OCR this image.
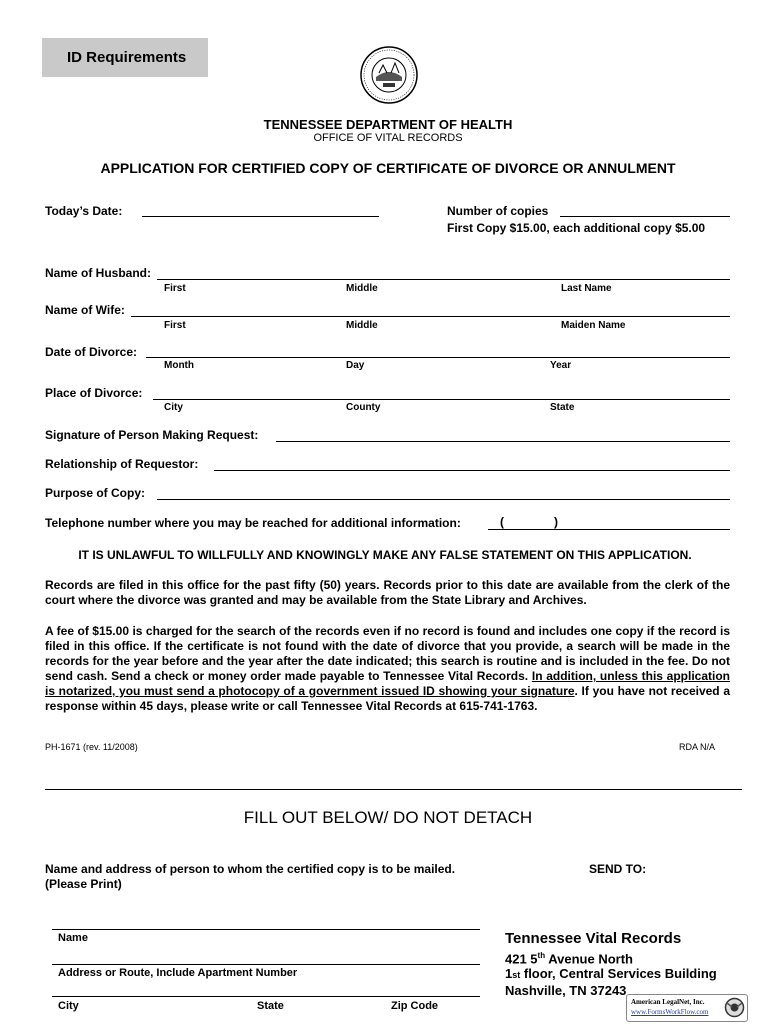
ID Requirements
TENNESSEE DEPARTMENT OF HEALTH
OFFICE OF VITAL RECORDS
APPLICATION FOR CERTIFIED COPY OF CERTIFICATE OF DIVORCE OR ANNULMENT
Today’s Date:	Number of copies
First Copy $15.00, each additional copy $5.00
Name of Husband:
First	Middle	Last Name
Name of Wife:
First	Middle	Maiden Name
Date of Divorce:
Month	Day	Year
Place of Divorce:
City	County	State
Signature of Person Making Request:
Relationship of Requestor:
Purpose of Copy:
Telephone number where you may be reached for additional information:	(	)
IT IS UNLAWFUL TO WILLFULLY AND KNOWINGLY MAKE ANY FALSE STATEMENT ON THIS APPLICATION.
Records are filed in this office for the past fifty (50) years. Records prior to this date are available from the clerk of the court where the divorce was granted and may be available from the State Library and Archives.
A fee of $15.00 is charged for the search of the records even if no record is found and includes one copy if the record is filed in this office. If the certificate is not found with the date of divorce that you provide, a search will be made in the records for the year before and the year after the date indicated; this search is routine and is included in the fee. Do not send cash. Send a check or money order made payable to Tennessee Vital Records. In addition, unless this application is notarized, you must send a photocopy of a government issued ID showing your signature. If you have not received a response within 45 days, please write or call Tennessee Vital Records at 615-741-1763.
PH-1671 (rev. 11/2008)	RDA N/A
FILL OUT BELOW/ DO NOT DETACH
Name and address of person to whom the certified copy is to be mailed.
(Please Print)
SEND TO:
Name
Address or Route, Include Apartment Number
City	State	Zip Code
Tennessee Vital Records
421 5th Avenue North
1st floor, Central Services Building
Nashville, TN 37243
American LegalNet, Inc.
www.FormsWorkFlow.com
